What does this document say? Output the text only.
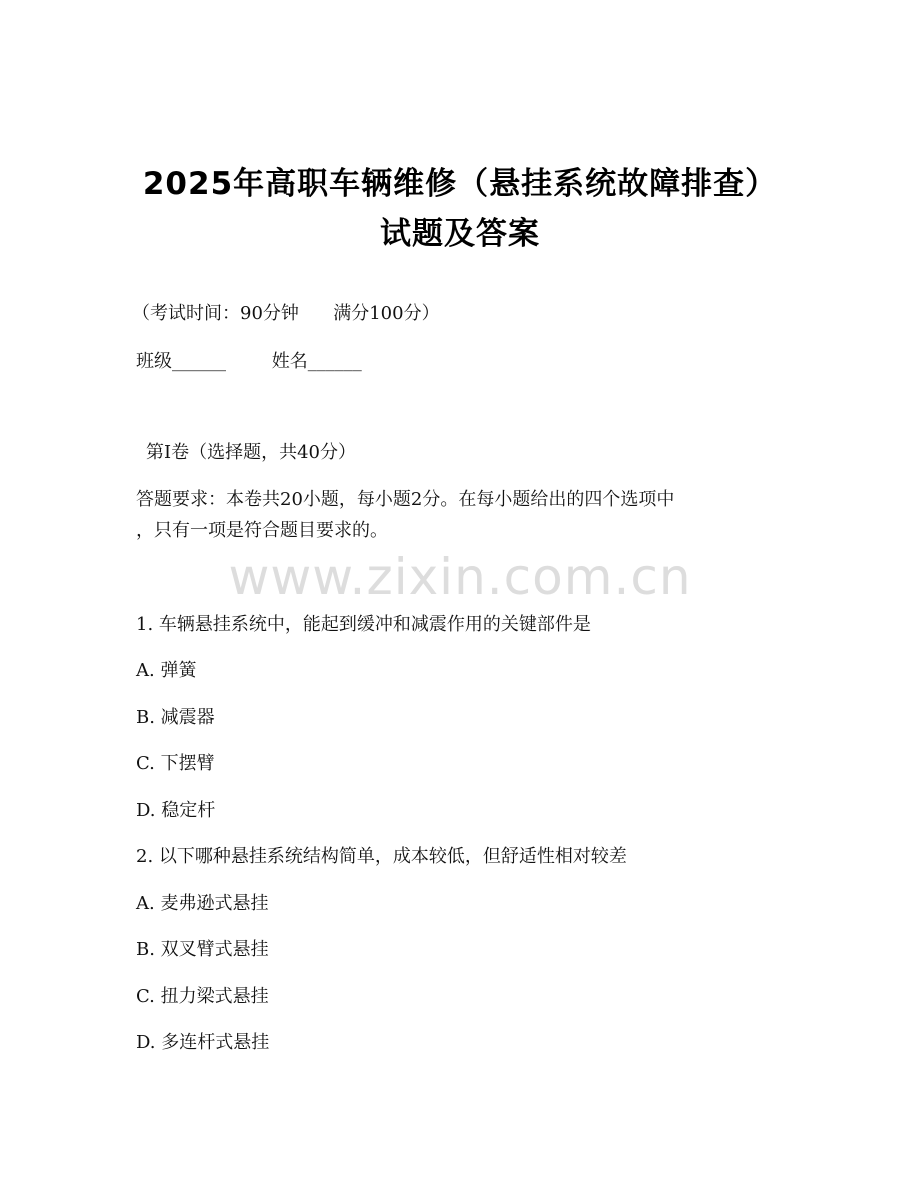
2025年高职车辆维修（悬挂系统故障排查）
试题及答案
（考试时间：90分钟      满分100分）
班级______        姓名______
第Ⅰ卷（选择题，共40分）
答题要求：本卷共20小题，每小题2分。在每小题给出的四个选项中
，只有一项是符合题目要求的。
www.zixin.com.cn
1. 车辆悬挂系统中，能起到缓冲和减震作用的关键部件是
A. 弹簧
B. 减震器
C. 下摆臂
D. 稳定杆
2. 以下哪种悬挂系统结构简单，成本较低，但舒适性相对较差
A. 麦弗逊式悬挂
B. 双叉臂式悬挂
C. 扭力梁式悬挂
D. 多连杆式悬挂
